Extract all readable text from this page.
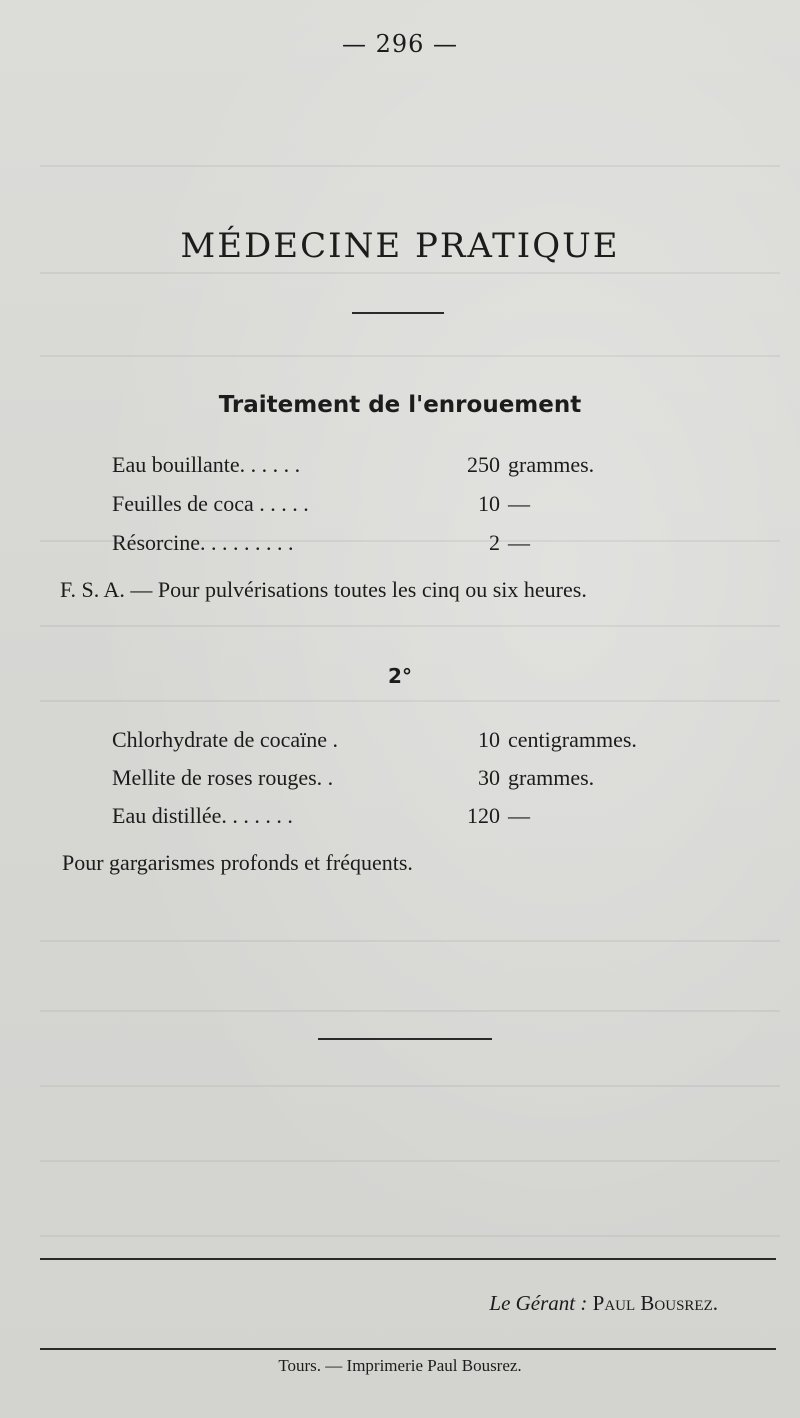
— 296 —
MÉDECINE PRATIQUE
Traitement de l'enrouement
Eau bouillante. . . . . .	250 grammes.
Feuilles de coca . . . . .	10 —
Résorcine. . . . . . . . .	2 —
F. S. A. — Pour pulvérisations toutes les cinq ou six heures.
2°
Chlorhydrate de cocaïne .	10 centigrammes.
Mellite de roses rouges. .	30 grammes.
Eau distillée. . . . . . .	120 —
Pour gargarismes profonds et fréquents.
Le Gérant : Paul Bousrez.
Tours. — Imprimerie Paul Bousrez.
